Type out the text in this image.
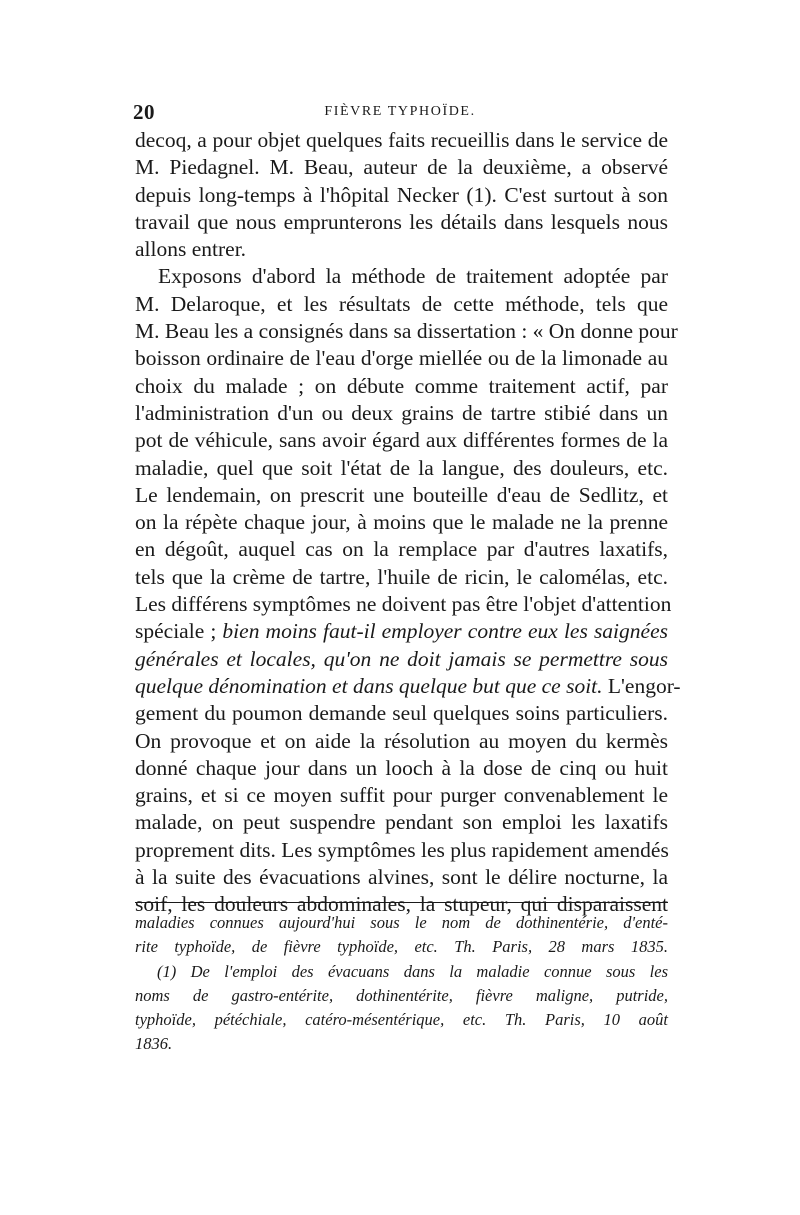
20	FIÈVRE TYPHOÏDE.
decoq, a pour objet quelques faits recueillis dans le service de
M. Piedagnel. M. Beau, auteur de la deuxième, a observé
depuis long-temps à l'hôpital Necker (1). C'est surtout à son
travail que nous emprunterons les détails dans lesquels nous
allons entrer.
Exposons d'abord la méthode de traitement adoptée par
M. Delaroque, et les résultats de cette méthode, tels que
M. Beau les a consignés dans sa dissertation : « On donne pour
boisson ordinaire de l'eau d'orge miellée ou de la limonade au
choix du malade ; on débute comme traitement actif, par
l'administration d'un ou deux grains de tartre stibié dans un
pot de véhicule, sans avoir égard aux différentes formes de la
maladie, quel que soit l'état de la langue, des douleurs, etc.
Le lendemain, on prescrit une bouteille d'eau de Sedlitz, et
on la répète chaque jour, à moins que le malade ne la prenne
en dégoût, auquel cas on la remplace par d'autres laxatifs,
tels que la crème de tartre, l'huile de ricin, le calomélas, etc.
Les différens symptômes ne doivent pas être l'objet d'attention
spéciale ; bien moins faut-il employer contre eux les saignées
générales et locales, qu'on ne doit jamais se permettre sous
quelque dénomination et dans quelque but que ce soit. L'engor-
gement du poumon demande seul quelques soins particuliers.
On provoque et on aide la résolution au moyen du kermès
donné chaque jour dans un looch à la dose de cinq ou huit
grains, et si ce moyen suffit pour purger convenablement le
malade, on peut suspendre pendant son emploi les laxatifs
proprement dits. Les symptômes les plus rapidement amendés
à la suite des évacuations alvines, sont le délire nocturne, la
soif, les douleurs abdominales, la stupeur, qui disparaissent
maladies connues aujourd'hui sous le nom de dothinentérie, d'enté-
rite typhoïde, de fièvre typhoïde, etc. Th. Paris, 28 mars 1835.
(1) De l'emploi des évacuans dans la maladie connue sous les
noms de gastro-entérite, dothinentérite, fièvre maligne, putride,
typhoïde, pétéchiale, catéro-mésentérique, etc. Th. Paris, 10 août
1836.
